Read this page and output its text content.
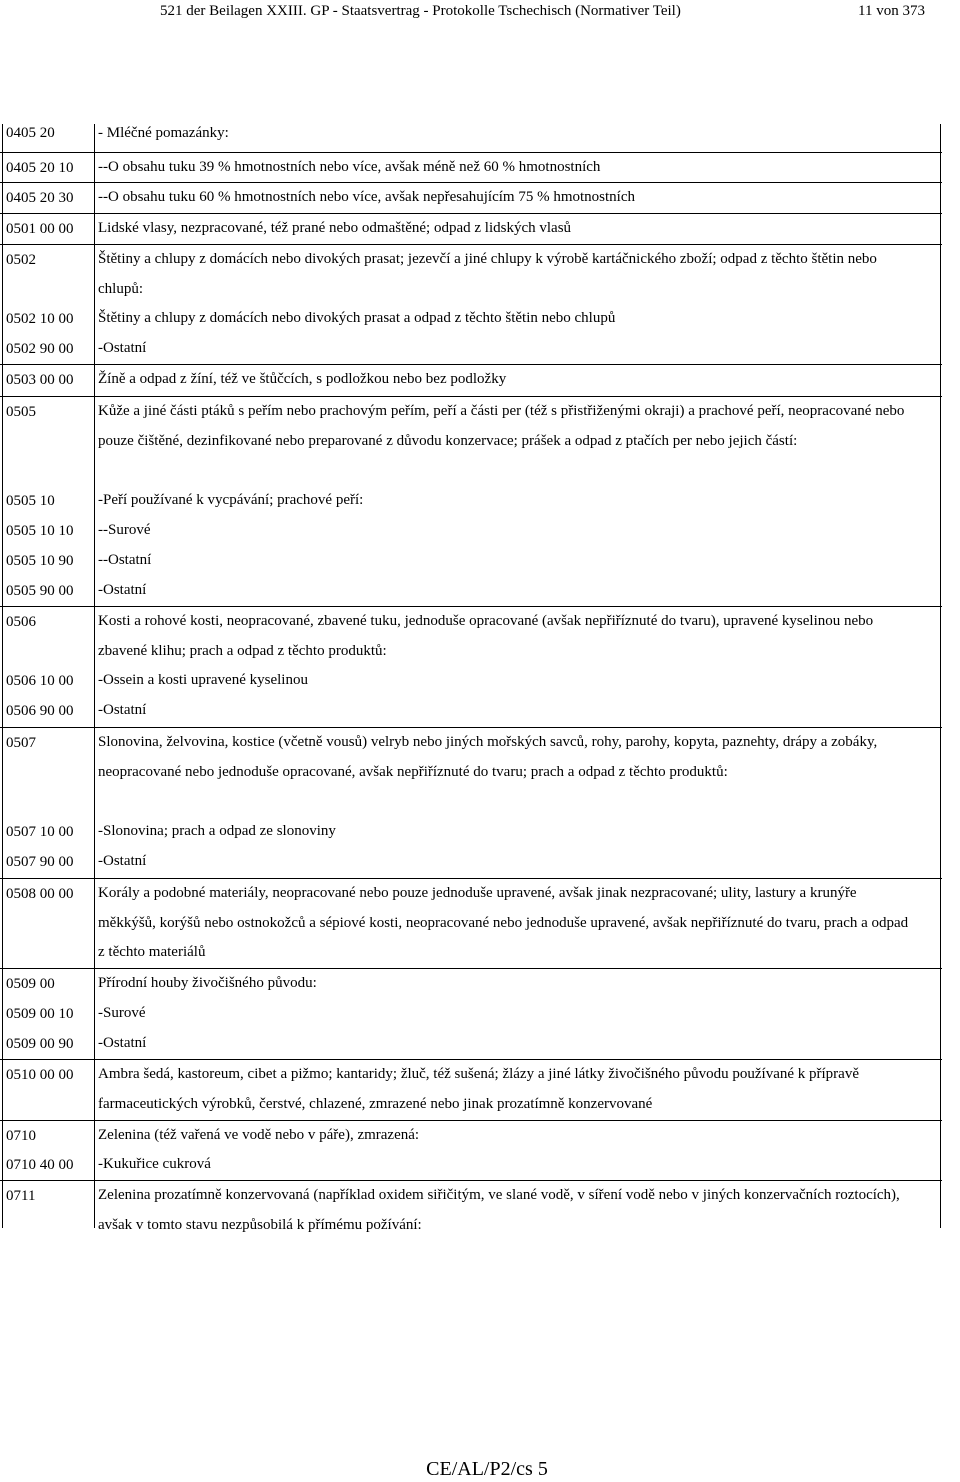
521 der Beilagen XXIII. GP - Staatsvertrag - Protokolle Tschechisch (Normativer Teil)	11 von 373
0405 20	- Mléčné pomazánky:
0405 20 10	--O obsahu tuku 39 % hmotnostních nebo více, avšak méně než 60 % hmotnostních
0405 20 30	--O obsahu tuku 60 % hmotnostních nebo více, avšak nepřesahujícím 75 % hmotnostních
0501 00 00	Lidské vlasy, nezpracované, též prané nebo odmaštěné; odpad z lidských vlasů
0502	Štětiny a chlupy z domácích nebo divokých prasat; jezevčí a jiné chlupy k výrobě kartáčnického zboží; odpad z těchto štětin nebo chlupů:
0502 10 00	Štětiny a chlupy z domácích nebo divokých prasat a odpad z těchto štětin nebo chlupů
0502 90 00	-Ostatní
0503 00 00	Žíně a odpad z žíní, též ve štůčcích, s podložkou nebo bez podložky
0505	Kůže a jiné části ptáků s peřím nebo prachovým peřím, peří a části per (též s přistřiženými okraji) a prachové peří, neopracované nebo pouze čištěné, dezinfikované nebo preparované z důvodu konzervace; prášek a odpad z ptačích per nebo jejich částí:
0505 10	-Peří používané k vycpávání; prachové peří:
0505 10 10	--Surové
0505 10 90	--Ostatní
0505 90 00	-Ostatní
0506	Kosti a rohové kosti, neopracované, zbavené tuku, jednoduše opracované (avšak nepřiříznuté do tvaru), upravené kyselinou nebo zbavené klihu; prach a odpad z těchto produktů:
0506 10 00	-Ossein a kosti upravené kyselinou
0506 90 00	-Ostatní
0507	Slonovina, želvovina, kostice (včetně vousů) velryb nebo jiných mořských savců, rohy, parohy, kopyta, paznehty, drápy a zobáky, neopracované nebo jednoduše opracované, avšak nepřiříznuté do tvaru; prach a odpad z těchto produktů:
0507 10 00	-Slonovina; prach a odpad ze slonoviny
0507 90 00	-Ostatní
0508 00 00	Korály a podobné materiály, neopracované nebo pouze jednoduše upravené, avšak jinak nezpracované; ulity, lastury a krunýře měkkýšů, korýšů nebo ostnokožců a sépiové kosti, neopracované nebo jednoduše upravené, avšak nepřiříznuté do tvaru, prach a odpad z těchto materiálů
0509 00	Přírodní houby živočišného původu:
0509 00 10	-Surové
0509 00 90	-Ostatní
0510 00 00	Ambra šedá, kastoreum, cibet a pižmo; kantaridy; žluč, též sušená; žlázy a jiné látky živočišného původu používané k přípravě farmaceutických výrobků, čerstvé, chlazené, zmrazené nebo jinak prozatímně konzervované
0710	Zelenina (též vařená ve vodě nebo v páře), zmrazená:
0710 40 00	-Kukuřice cukrová
0711	Zelenina prozatímně konzervovaná (například oxidem siřičitým, ve slané vodě, v síření vodě nebo v jiných konzervačních roztocích), avšak v tomto stavu nezpůsobilá k přímému požívání:
CE/AL/P2/cs 5
